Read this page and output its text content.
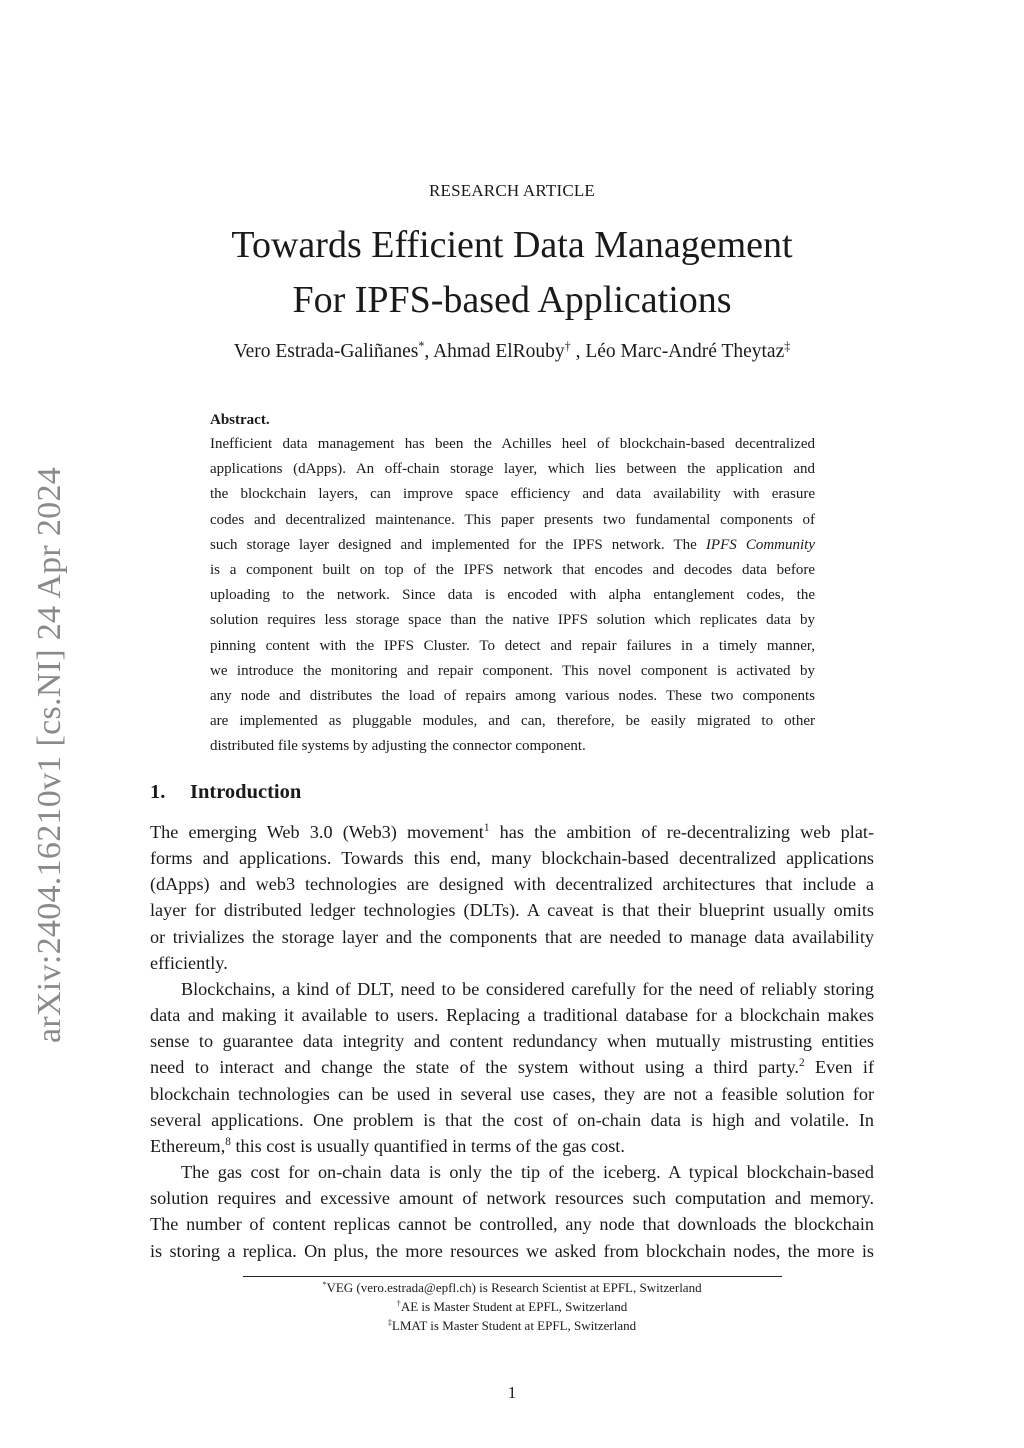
arXiv:2404.16210v1 [cs.NI] 24 Apr 2024
RESEARCH ARTICLE
Towards Efficient Data Management
For IPFS-based Applications
Vero Estrada-Galiñanes*, Ahmad ElRouby† , Léo Marc-André Theytaz‡
Abstract.
Inefficient data management has been the Achilles heel of blockchain-based decentralized
applications (dApps). An off-chain storage layer, which lies between the application and
the blockchain layers, can improve space efficiency and data availability with erasure
codes and decentralized maintenance. This paper presents two fundamental components of
such storage layer designed and implemented for the IPFS network. The IPFS Community
is a component built on top of the IPFS network that encodes and decodes data before
uploading to the network. Since data is encoded with alpha entanglement codes, the
solution requires less storage space than the native IPFS solution which replicates data by
pinning content with the IPFS Cluster. To detect and repair failures in a timely manner,
we introduce the monitoring and repair component. This novel component is activated by
any node and distributes the load of repairs among various nodes. These two components
are implemented as pluggable modules, and can, therefore, be easily migrated to other
distributed file systems by adjusting the connector component.
1. Introduction
The emerging Web 3.0 (Web3) movement$^1$ has the ambition of re-decentralizing web plat-
forms and applications. Towards this end, many blockchain-based decentralized applications
(dApps) and web3 technologies are designed with decentralized architectures that include a
layer for distributed ledger technologies (DLTs). A caveat is that their blueprint usually omits
or trivializes the storage layer and the components that are needed to manage data availability
efficiently.
Blockchains, a kind of DLT, need to be considered carefully for the need of reliably storing
data and making it available to users. Replacing a traditional database for a blockchain makes
sense to guarantee data integrity and content redundancy when mutually mistrusting entities
need to interact and change the state of the system without using a third party.$^2$ Even if
blockchain technologies can be used in several use cases, they are not a feasible solution for
several applications. One problem is that the cost of on-chain data is high and volatile. In
Ethereum,$^8$ this cost is usually quantified in terms of the gas cost.
The gas cost for on-chain data is only the tip of the iceberg. A typical blockchain-based
solution requires and excessive amount of network resources such computation and memory.
The number of content replicas cannot be controlled, any node that downloads the blockchain
is storing a replica. On plus, the more resources we asked from blockchain nodes, the more is
*VEG (vero.estrada@epfl.ch) is Research Scientist at EPFL, Switzerland
†AE is Master Student at EPFL, Switzerland
‡LMAT is Master Student at EPFL, Switzerland
1
